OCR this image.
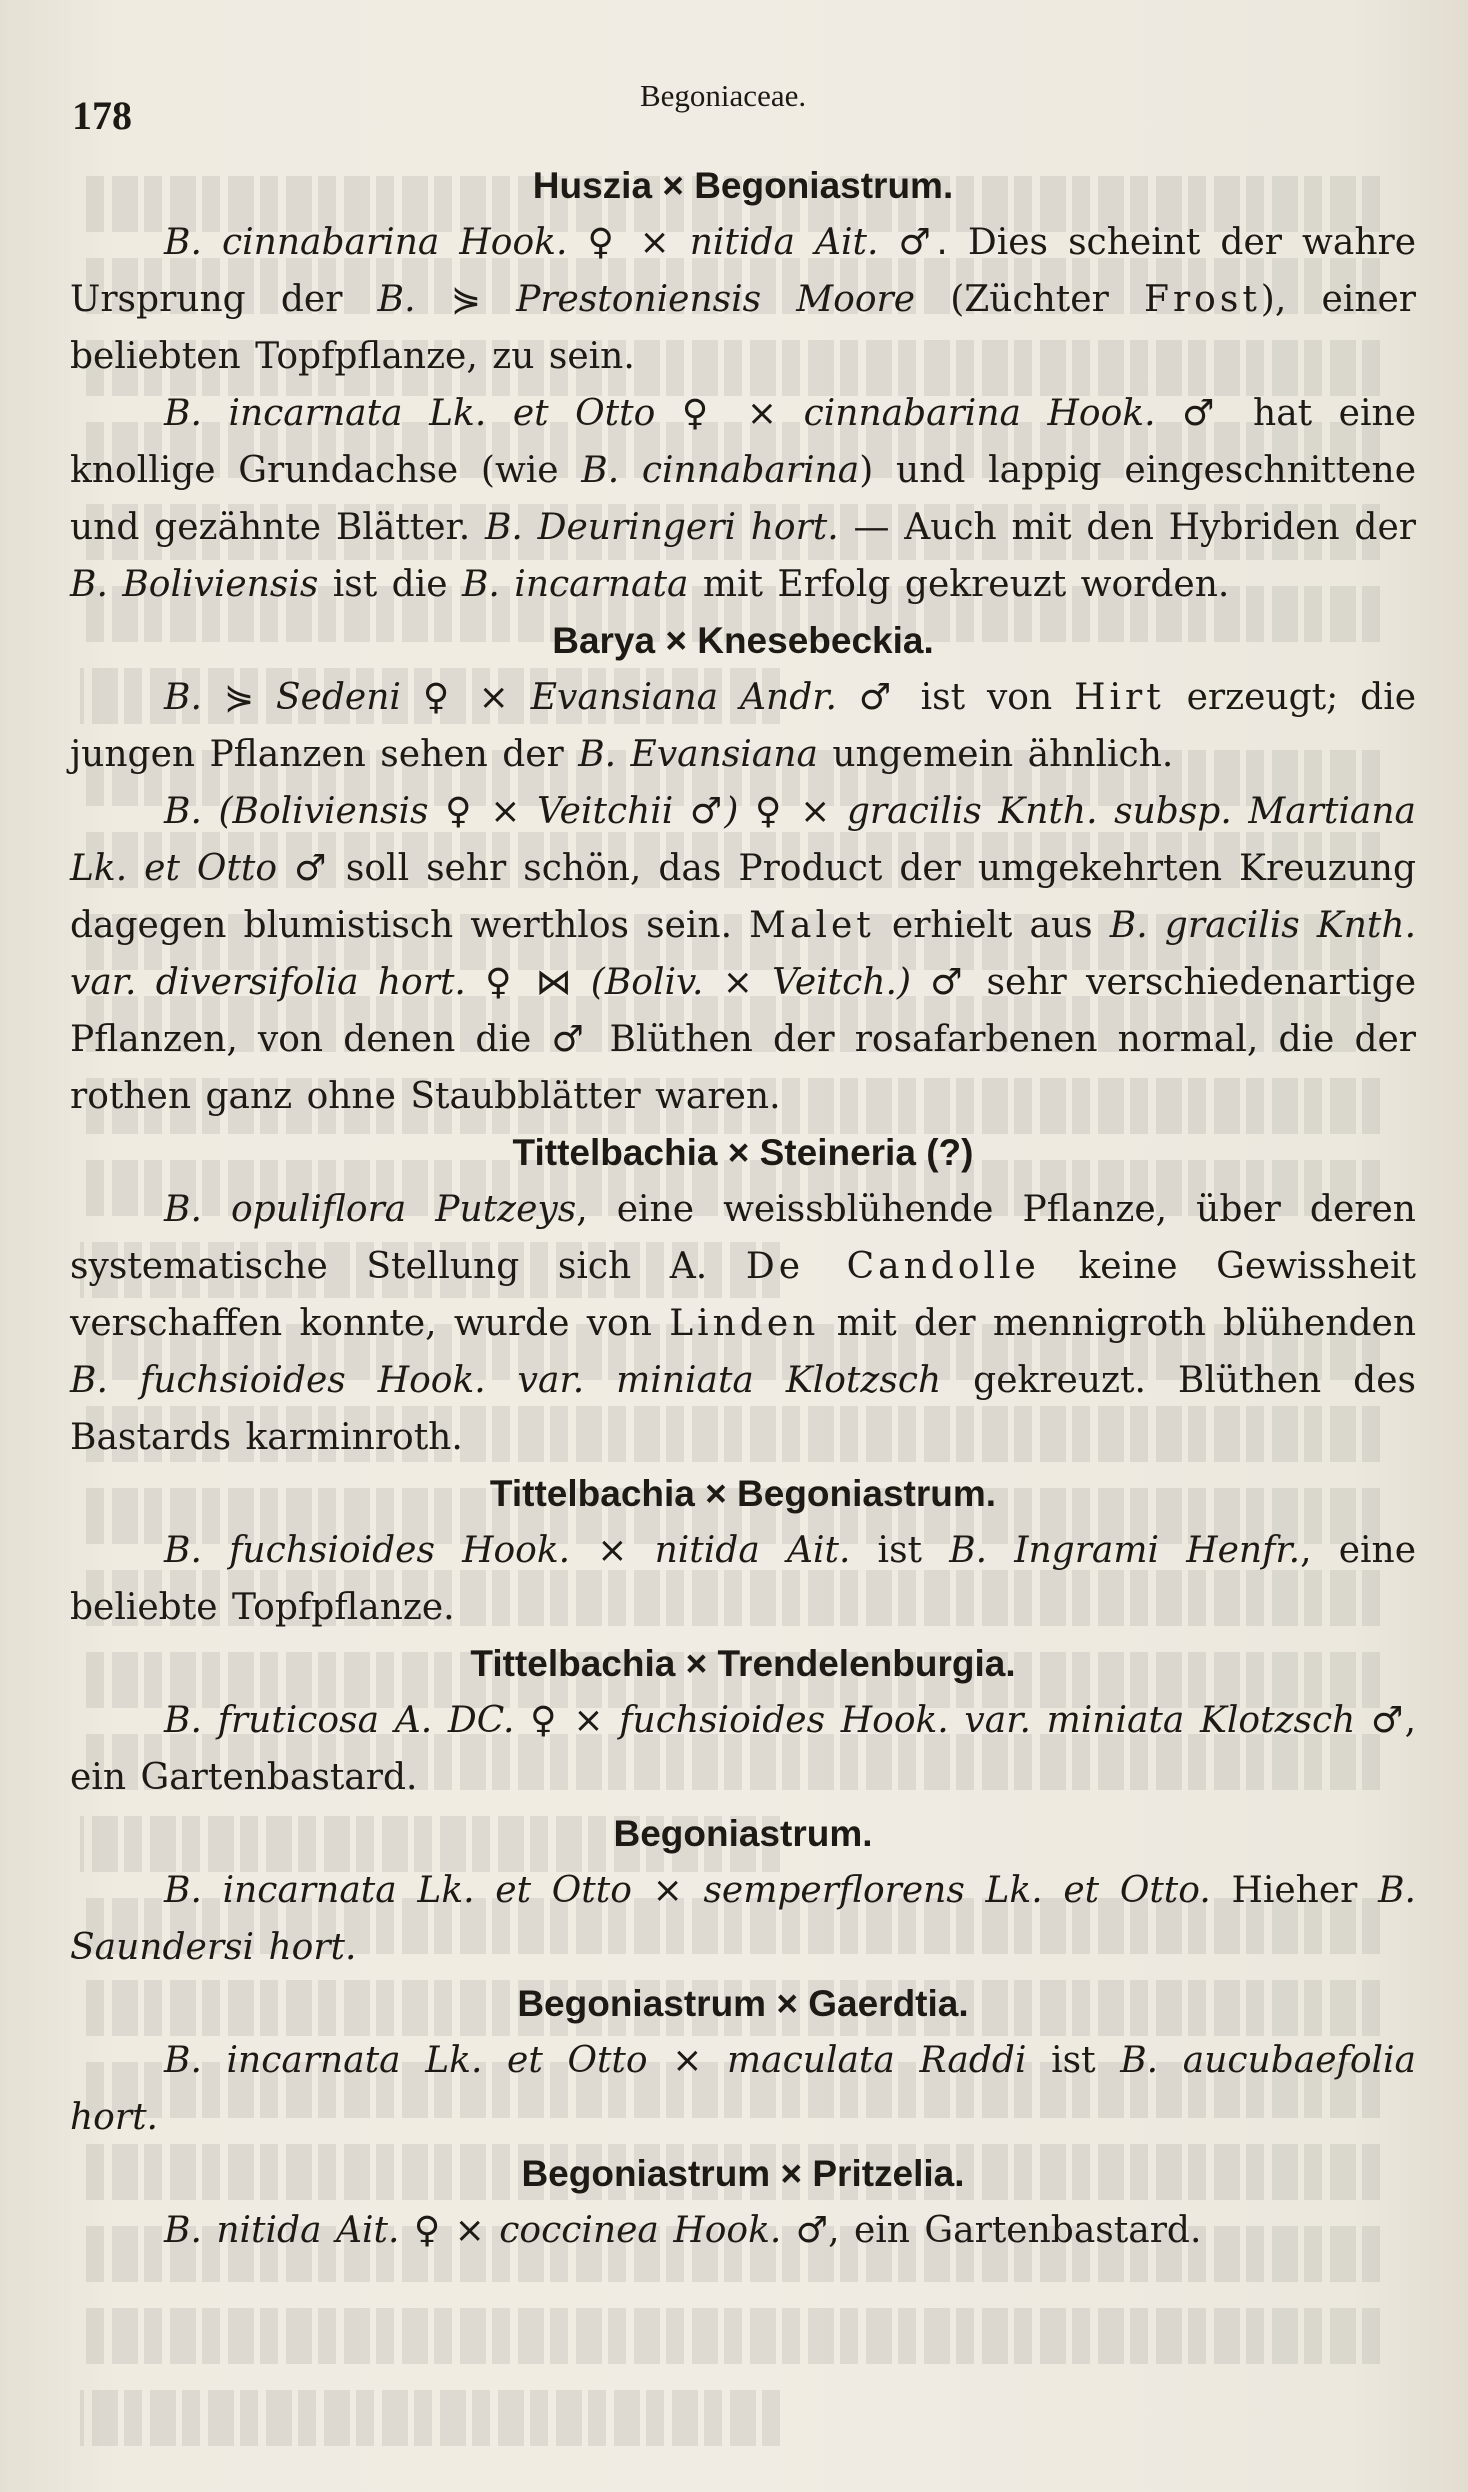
178	Begoniaceae.
Huszia × Begoniastrum.

B. cinnabarina Hook. ♀ × nitida Ait. ♂. Dies scheint der wahre Ursprung der B. ⋟ Prestoniensis Moore (Züchter Frost), einer beliebten Topfpflanze, zu sein.

B. incarnata Lk. et Otto ♀ × cinnabarina Hook. ♂ hat eine knollige Grundachse (wie B. cinnabarina) und lappig eingeschnittene und gezähnte Blätter. B. Deuringeri hort. — Auch mit den Hybriden der B. Boliviensis ist die B. incarnata mit Erfolg gekreuzt worden.

Barya × Knesebeckia.

B. ⋟ Sedeni ♀ × Evansiana Andr. ♂ ist von Hirt erzeugt; die jungen Pflanzen sehen der B. Evansiana ungemein ähnlich.

B. (Boliviensis ♀ × Veitchii ♂) ♀ × gracilis Knth. subsp. Martiana Lk. et Otto ♂ soll sehr schön, das Product der umgekehrten Kreuzung dagegen blumistisch werthlos sein. Malet erhielt aus B. gracilis Knth. var. diversifolia hort. ♀ ⋈ (Boliv. × Veitch.) ♂ sehr verschiedenartige Pflanzen, von denen die ♂ Blüthen der rosafarbenen normal, die der rothen ganz ohne Staubblätter waren.

Tittelbachia × Steineria (?)

B. opuliflora Putzeys, eine weissblühende Pflanze, über deren systematische Stellung sich A. De Candolle keine Gewissheit verschaffen konnte, wurde von Linden mit der mennigroth blühenden B. fuchsioides Hook. var. miniata Klotzsch gekreuzt. Blüthen des Bastards karminroth.

Tittelbachia × Begoniastrum.

B. fuchsioides Hook. × nitida Ait. ist B. Ingrami Henfr., eine beliebte Topfpflanze.

Tittelbachia × Trendelenburgia.

B. fruticosa A. DC. ♀ × fuchsioides Hook. var. miniata Klotzsch ♂, ein Gartenbastard.

Begoniastrum.

B. incarnata Lk. et Otto × semperflorens Lk. et Otto. Hieher B. Saundersi hort.

Begoniastrum × Gaerdtia.

B. incarnata Lk. et Otto × maculata Raddi ist B. aucubaefolia hort.

Begoniastrum × Pritzelia.

B. nitida Ait. ♀ × coccinea Hook. ♂, ein Gartenbastard.
